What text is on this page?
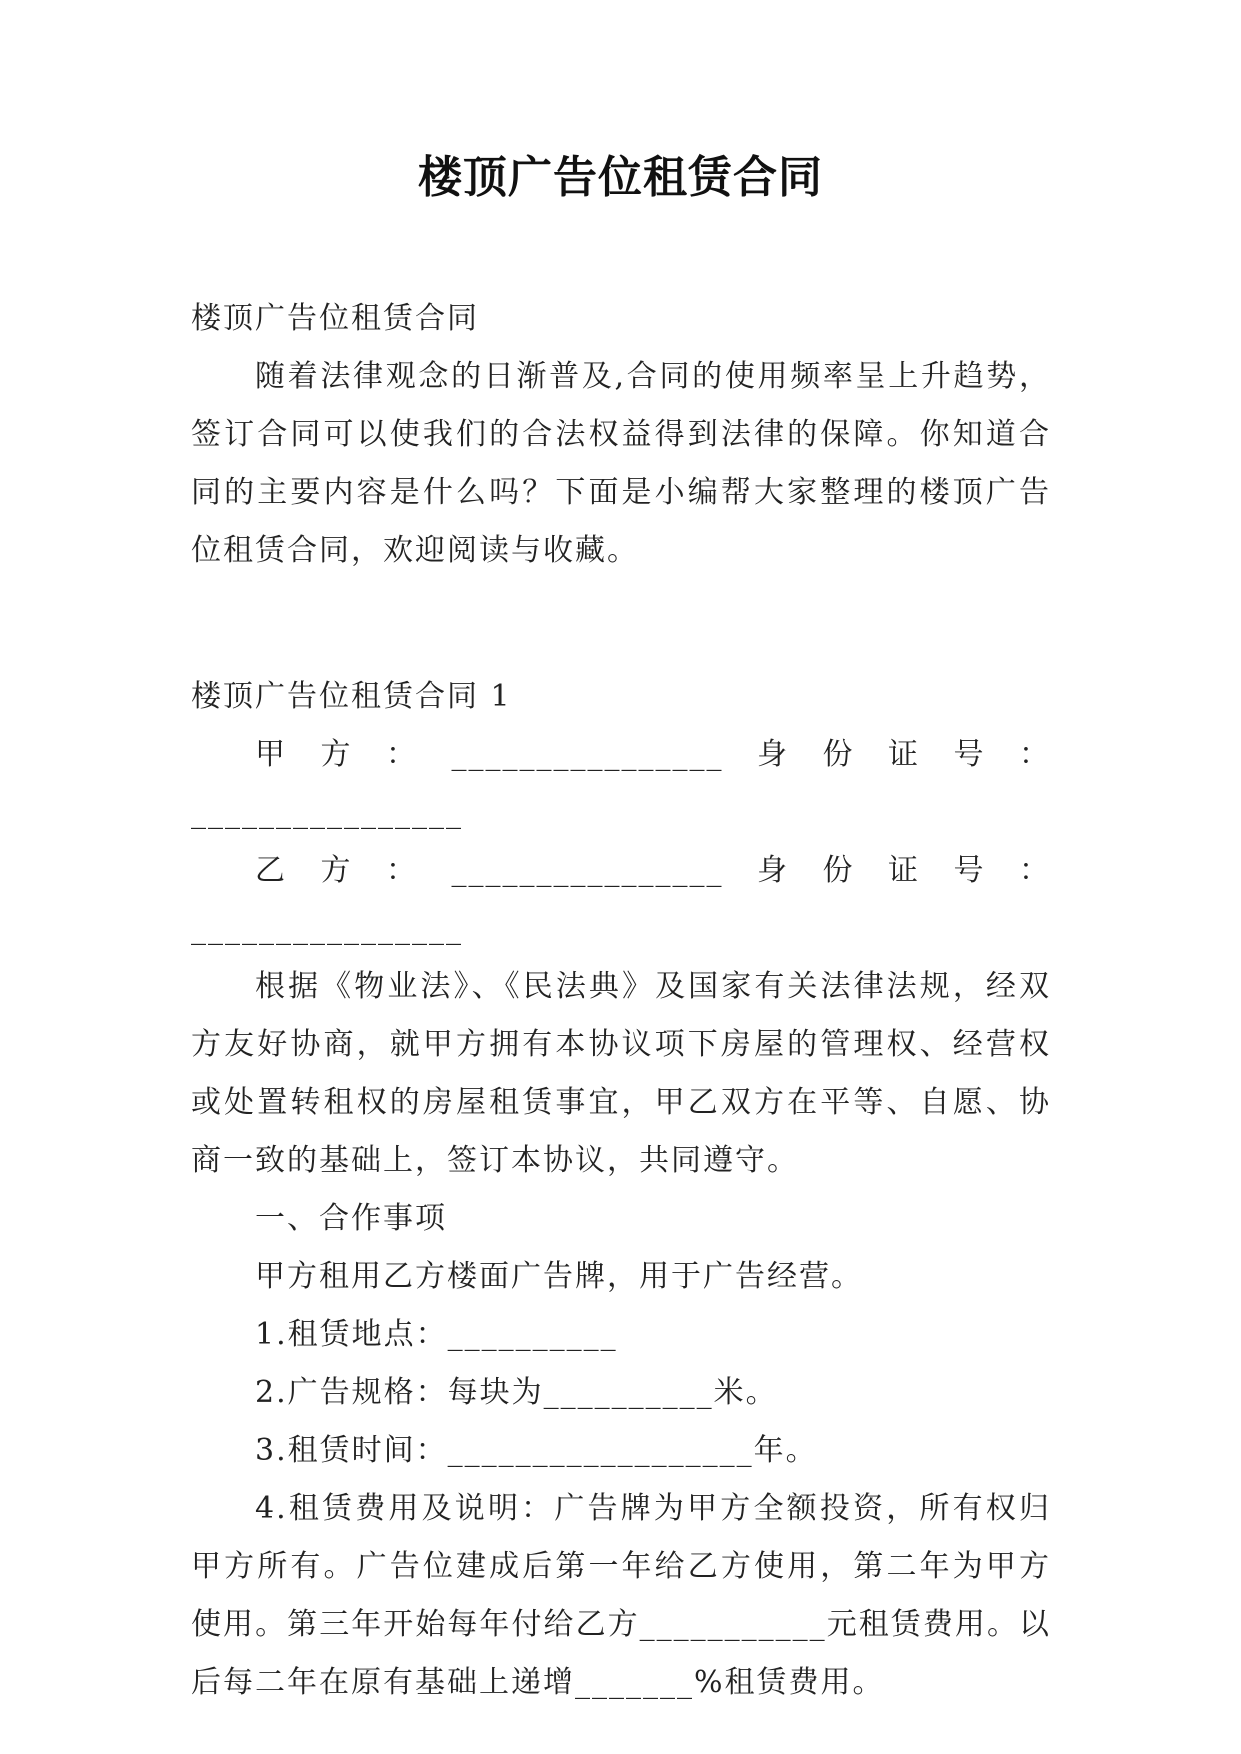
楼顶广告位租赁合同

楼顶广告位租赁合同

随着法律观念的日渐普及,合同的使用频率呈上升趋势，签订合同可以使我们的合法权益得到法律的保障。你知道合同的主要内容是什么吗？下面是小编帮大家整理的楼顶广告位租赁合同，欢迎阅读与收藏。

楼顶广告位租赁合同 1

甲方：________________身份证号：________________

乙方：________________身份证号：________________

根据《物业法》、《民法典》及国家有关法律法规，经双方友好协商，就甲方拥有本协议项下房屋的管理权、经营权或处置转租权的房屋租赁事宜，甲乙双方在平等、自愿、协商一致的基础上，签订本协议，共同遵守。

一、合作事项

甲方租用乙方楼面广告牌，用于广告经营。

1.租赁地点：__________

2.广告规格：每块为__________米。

3.租赁时间：__________________年。

4.租赁费用及说明：广告牌为甲方全额投资，所有权归甲方所有。广告位建成后第一年给乙方使用，第二年为甲方使用。第三年开始每年付给乙方___________元租赁费用。以后每二年在原有基础上递增_______%租赁费用。
